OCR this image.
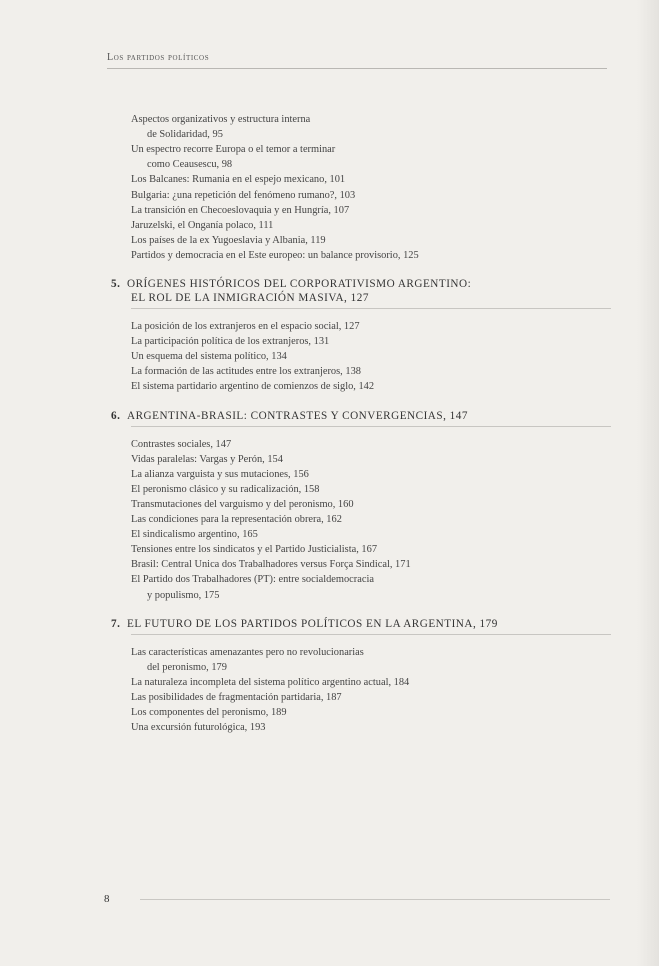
Los partidos políticos
Aspectos organizativos y estructura interna
de Solidaridad, 95
Un espectro recorre Europa o el temor a terminar
como Ceausescu, 98
Los Balcanes: Rumania en el espejo mexicano, 101
Bulgaria: ¿una repetición del fenómeno rumano?, 103
La transición en Checoeslovaquia y en Hungría, 107
Jaruzelski, el Onganía polaco, 111
Los países de la ex Yugoeslavia y Albania, 119
Partidos y democracia en el Este europeo: un balance provisorio, 125
5. ORÍGENES HISTÓRICOS DEL CORPORATIVISMO ARGENTINO:
EL ROL DE LA INMIGRACIÓN MASIVA, 127
La posición de los extranjeros en el espacio social, 127
La participación política de los extranjeros, 131
Un esquema del sistema político, 134
La formación de las actitudes entre los extranjeros, 138
El sistema partidario argentino de comienzos de siglo, 142
6. ARGENTINA-BRASIL: CONTRASTES Y CONVERGENCIAS, 147
Contrastes sociales, 147
Vidas paralelas: Vargas y Perón, 154
La alianza varguista y sus mutaciones, 156
El peronismo clásico y su radicalización, 158
Transmutaciones del varguismo y del peronismo, 160
Las condiciones para la representación obrera, 162
El sindicalismo argentino, 165
Tensiones entre los sindicatos y el Partido Justicialista, 167
Brasil: Central Unica dos Trabalhadores versus Força Sindical, 171
El Partido dos Trabalhadores (PT): entre socialdemocracia
y populismo, 175
7. EL FUTURO DE LOS PARTIDOS POLÍTICOS EN LA ARGENTINA, 179
Las características amenazantes pero no revolucionarias
del peronismo, 179
La naturaleza incompleta del sistema político argentino actual, 184
Las posibilidades de fragmentación partidaria, 187
Los componentes del peronismo, 189
Una excursión futurológica, 193
8
